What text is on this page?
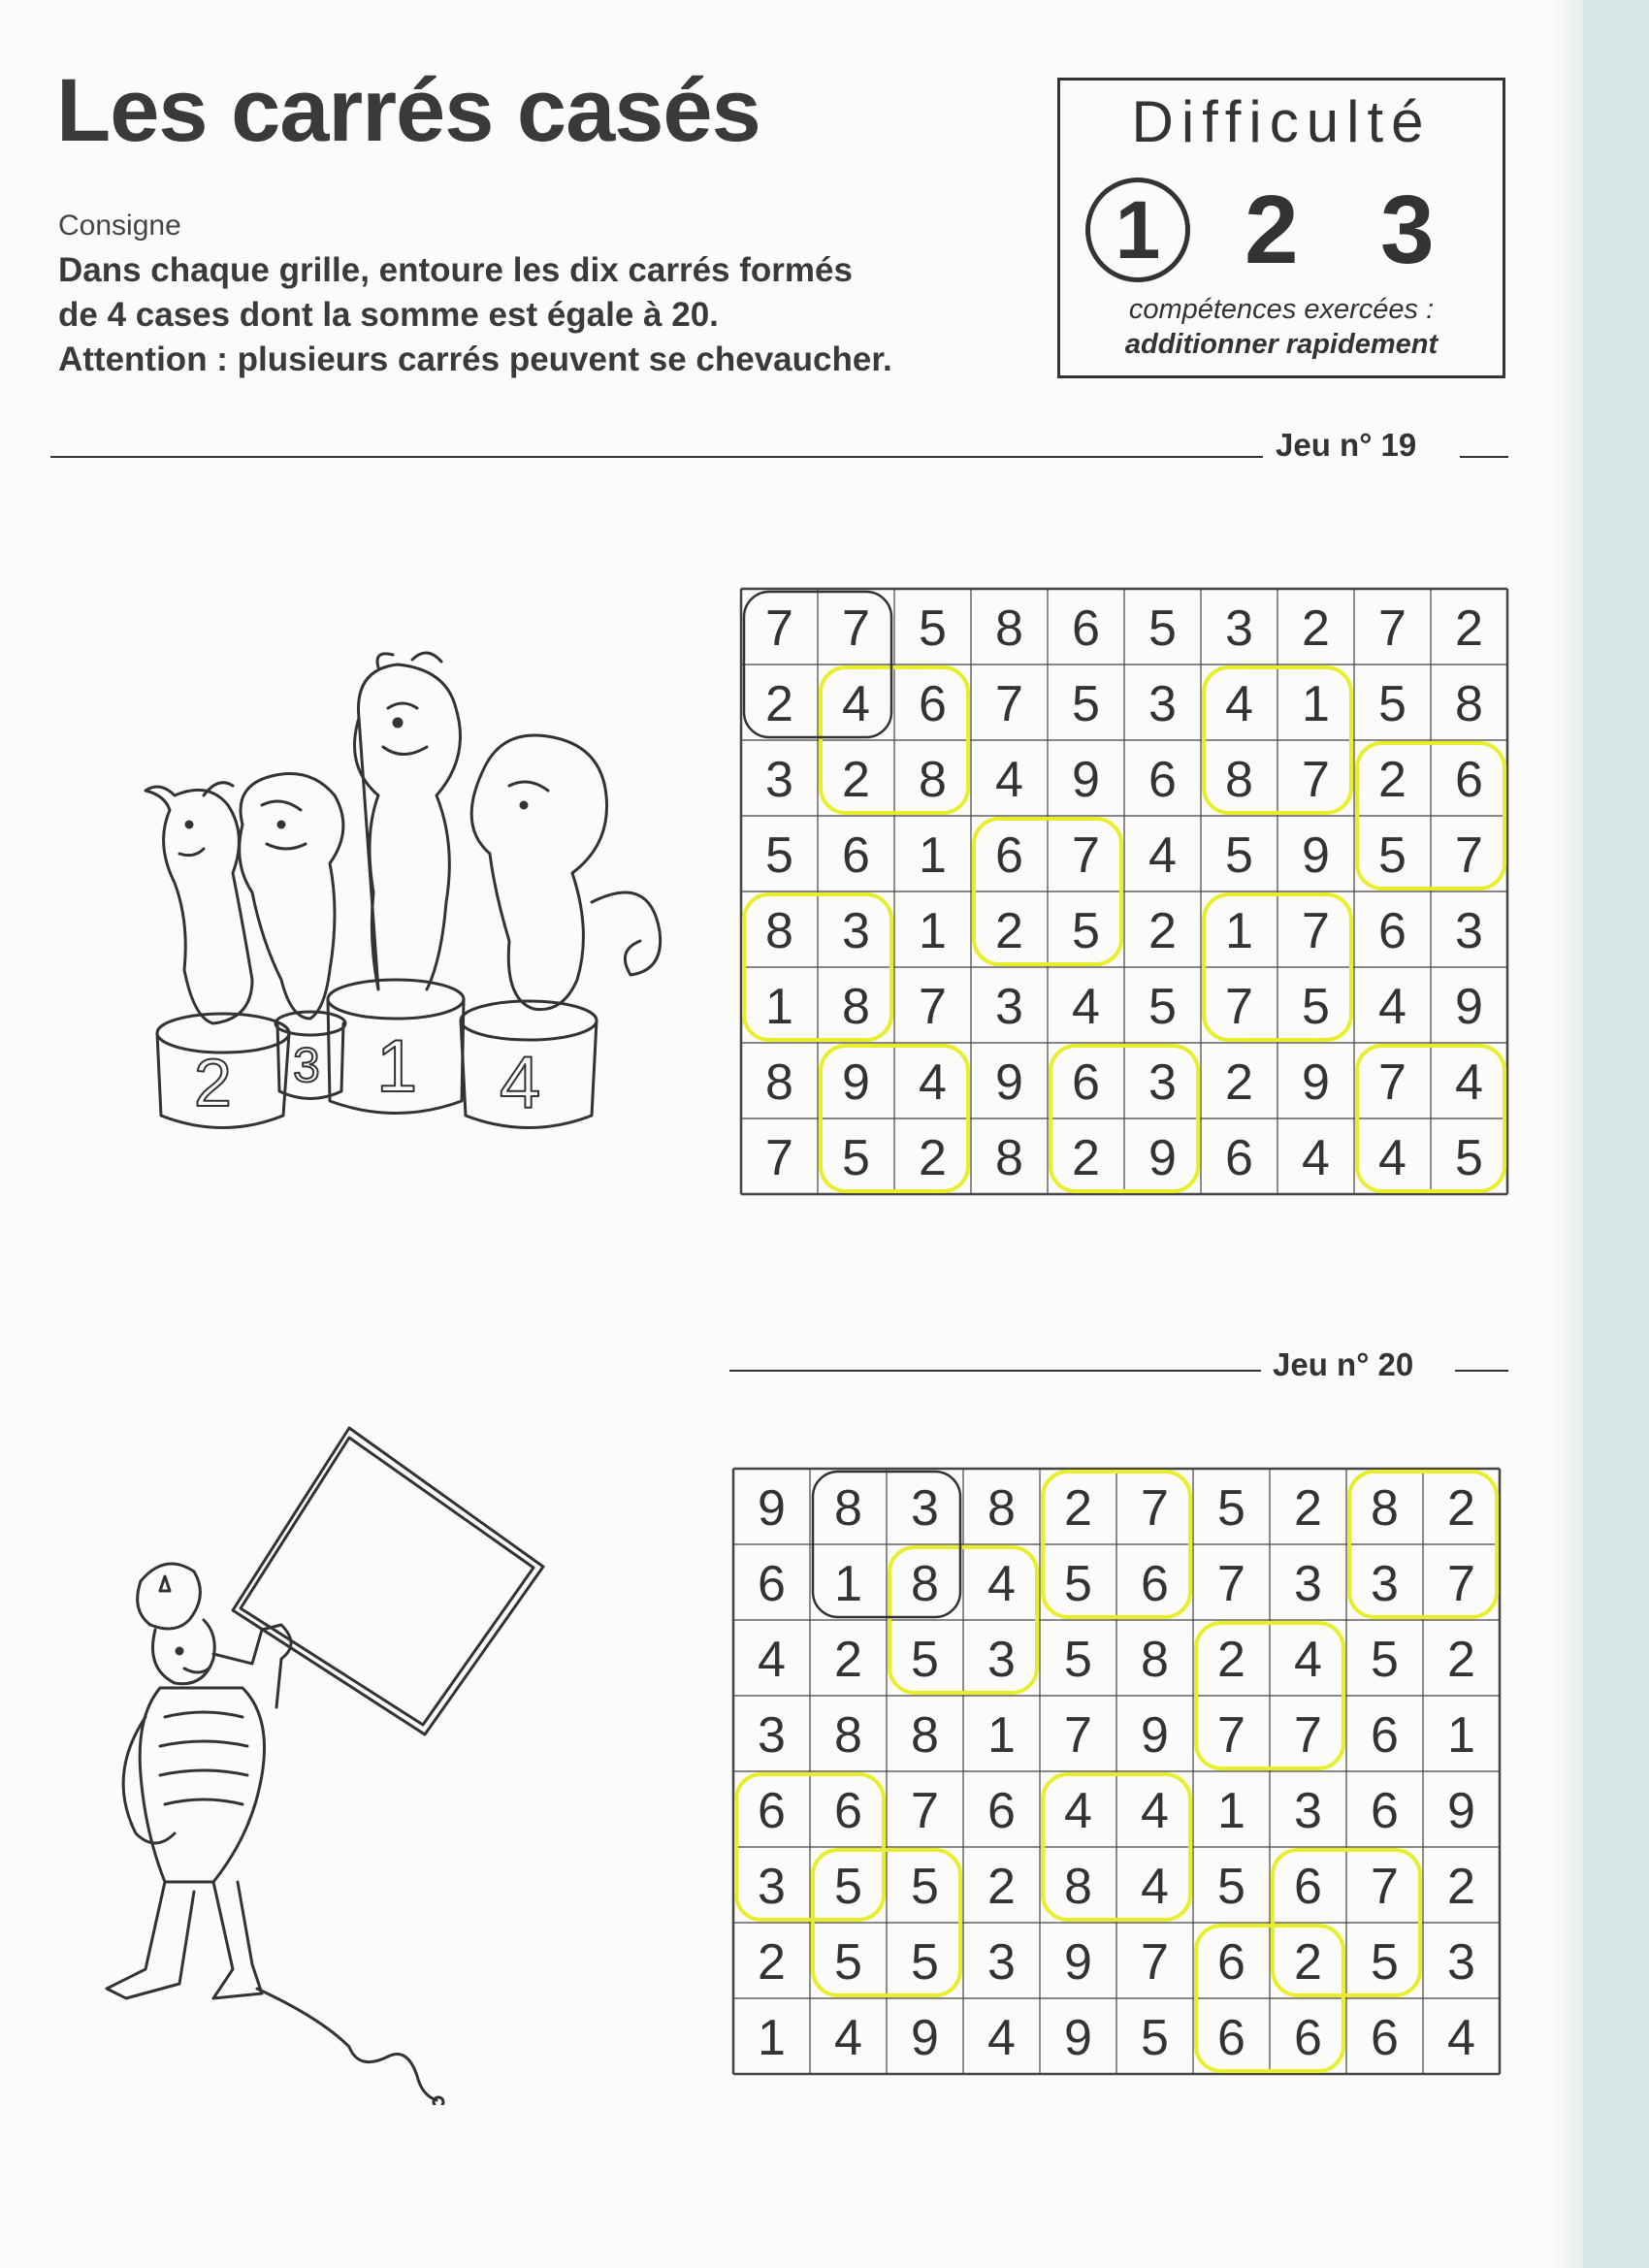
Les carrés casés
Consigne
Dans chaque grille, entoure les dix carrés formés
de 4 cases dont la somme est égale à 20.
Attention : plusieurs carrés peuvent se chevaucher.
Difficulté
1 2 3
compétences exercées :
additionner rapidement
Jeu n° 19
7 7 5 8 6 5 3 2 7 2
2 4 6 7 5 3 4 1 5 8
3 2 8 4 9 6 8 7 2 6
5 6 1 6 7 4 5 9 5 7
8 3 1 2 5 2 1 7 6 3
1 8 7 3 4 5 7 5 4 9
8 9 4 9 6 3 2 9 7 4
7 5 2 8 2 9 6 4 4 5
Jeu n° 20
9 8 3 8 2 7 5 2 8 2
6 1 8 4 5 6 7 3 3 7
4 2 5 3 5 8 2 4 5 2
3 8 8 1 7 9 7 7 6 1
6 6 7 6 4 4 1 3 6 9
3 5 5 2 8 4 5 6 7 2
2 5 5 3 9 7 6 2 5 3
1 4 9 4 9 5 6 6 6 4
2 3 1 4
